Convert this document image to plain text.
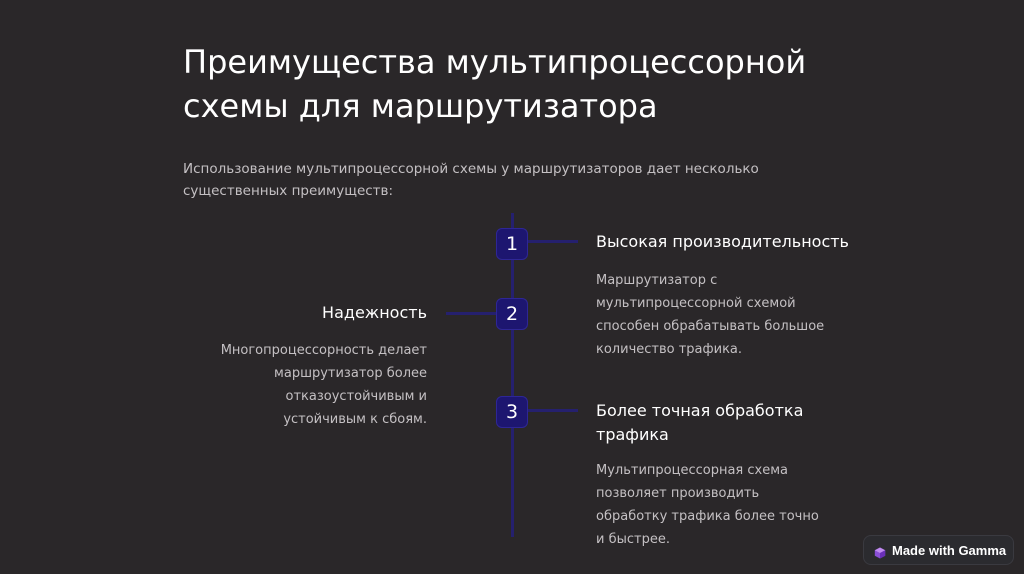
Преимущества мультипроцессорной схемы для маршрутизатора

Использование мультипроцессорной схемы у маршрутизаторов дает несколько существенных преимуществ:

1	Высокая производительность

Маршрутизатор с мультипроцессорной схемой способен обрабатывать большое количество трафика.

2
Надежность

Многопроцессорность делает маршрутизатор более отказоустойчивым и устойчивым к сбоям.	3	Более точная обработка трафика

Мультипроцессорная схема позволяет производить обработку трафика более точно и быстрее.

Made with Gamma
